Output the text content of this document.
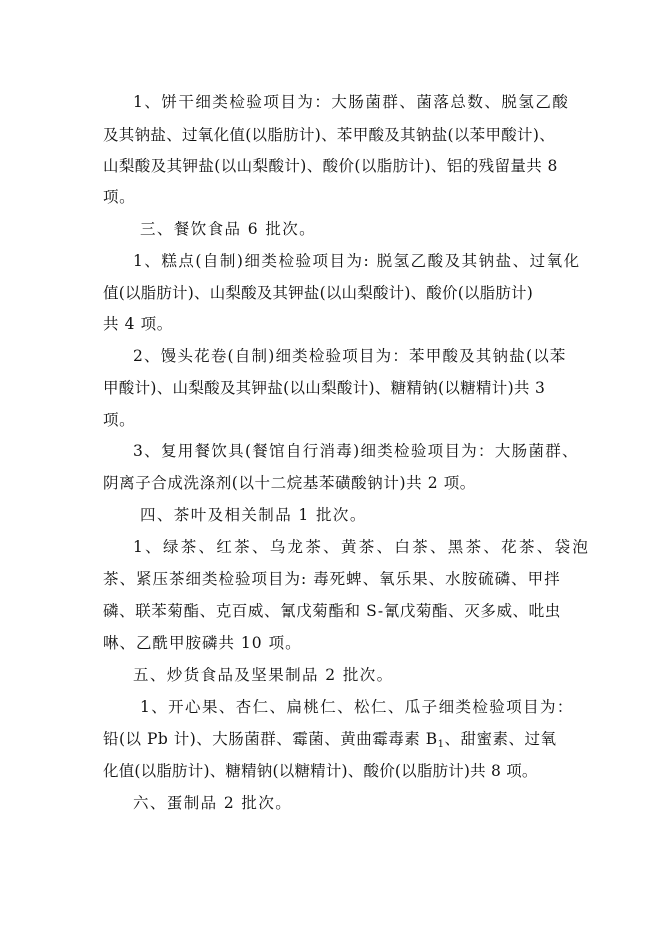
1、饼干细类检验项目为：大肠菌群、菌落总数、脱氢乙酸
及其钠盐、过氧化值(以脂肪计)、苯甲酸及其钠盐(以苯甲酸计)、
山梨酸及其钾盐(以山梨酸计)、酸价(以脂肪计)、铝的残留量共 8
项。
三、餐饮食品 6 批次。
1、糕点(自制)细类检验项目为: 脱氢乙酸及其钠盐、过氧化
值(以脂肪计)、山梨酸及其钾盐(以山梨酸计)、酸价(以脂肪计)
共 4 项。
2、馒头花卷(自制)细类检验项目为：苯甲酸及其钠盐(以苯
甲酸计)、山梨酸及其钾盐(以山梨酸计)、糖精钠(以糖精计)共 3
项。
3、复用餐饮具(餐馆自行消毒)细类检验项目为：大肠菌群、
阴离子合成洗涤剂(以十二烷基苯磺酸钠计)共 2 项。
四、茶叶及相关制品 1 批次。
1、绿茶、红茶、乌龙茶、黄茶、白茶、黑茶、花茶、袋泡
茶、紧压茶细类检验项目为: 毒死蜱、氧乐果、水胺硫磷、甲拌
磷、联苯菊酯、克百威、氰戊菊酯和 S-氰戊菊酯、灭多威、吡虫
啉、乙酰甲胺磷共 10 项。
五、炒货食品及坚果制品 2 批次。
1、开心果、杏仁、扁桃仁、松仁、瓜子细类检验项目为：
铅(以 Pb 计)、大肠菌群、霉菌、黄曲霉毒素 $B_1$、甜蜜素、过氧
化值(以脂肪计)、糖精钠(以糖精计)、酸价(以脂肪计)共 8 项。
六、蛋制品 2 批次。
